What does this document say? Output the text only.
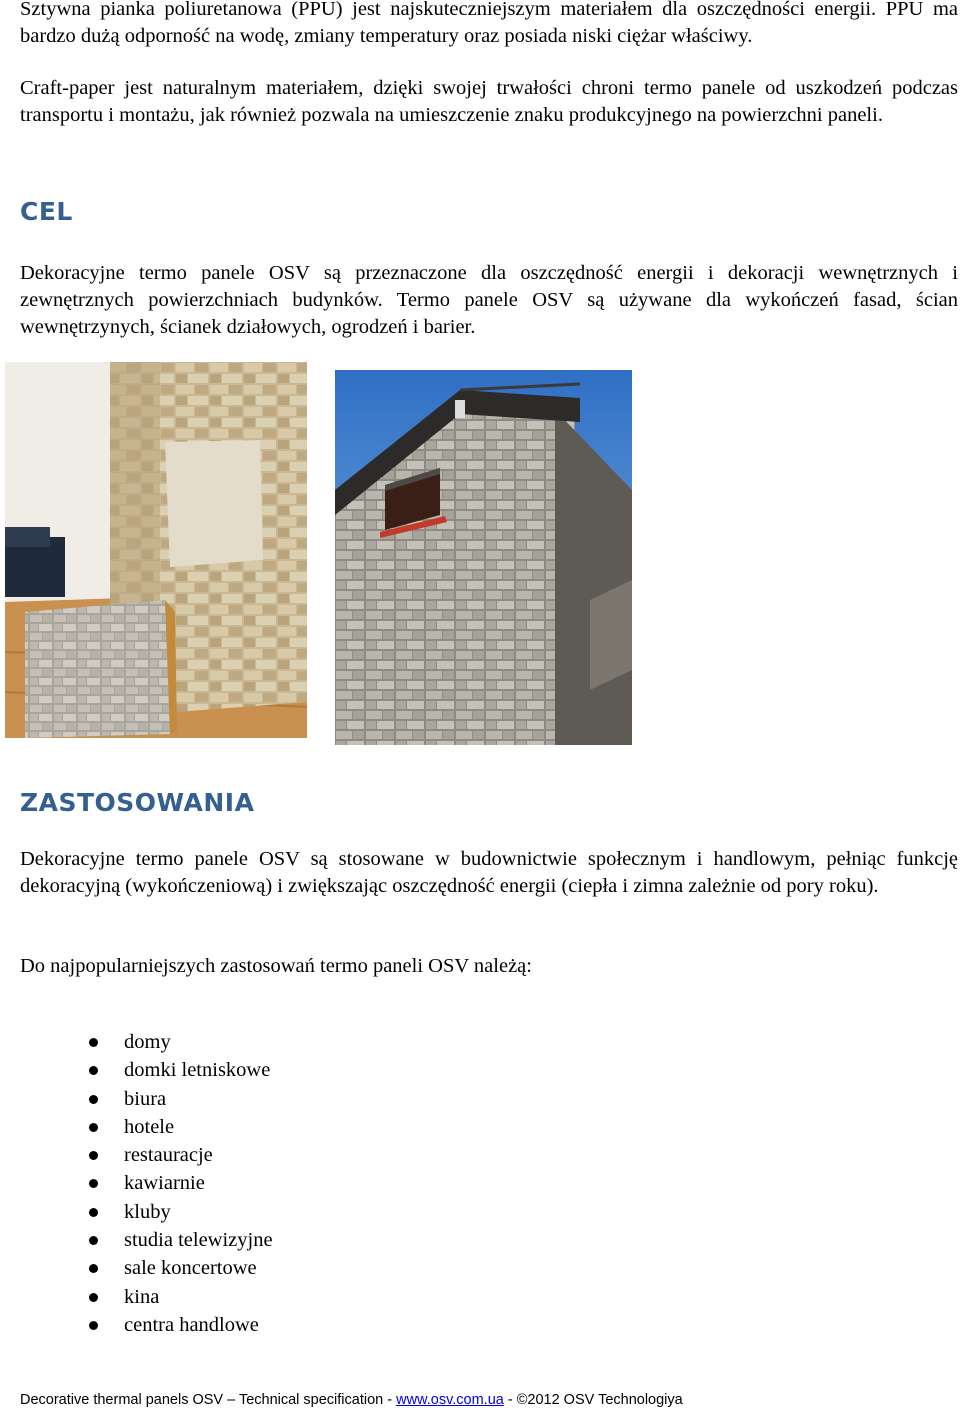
Sztywna pianka poliuretanowa (PPU) jest najskuteczniejszym materiałem dla oszczędności energii. PPU ma bardzo dużą odporność na wodę, zmiany temperatury oraz posiada niski ciężar właściwy.

Craft-paper jest naturalnym materiałem, dzięki swojej trwałości chroni termo panele od uszkodzeń podczas transportu i montażu, jak również pozwala na umieszczenie znaku produkcyjnego na powierzchni paneli.

CEL

Dekoracyjne termo panele OSV są przeznaczone dla oszczędność energii i dekoracji wewnętrznych i zewnętrznych powierzchniach budynków. Termo panele OSV są używane dla wykończeń fasad, ścian wewnętrzynych, ścianek działowych, ogrodzeń i barier.

ZASTOSOWANIA

Dekoracyjne termo panele OSV są stosowane w budownictwie społecznym i handlowym, pełniąc funkcję dekoracyjną (wykończeniową) i zwiększając oszczędność energii (ciepła i zimna zależnie od pory roku).

Do najpopularniejszych zastosowań termo paneli OSV należą:

domy
domki letniskowe
biura
hotele
restauracje
kawiarnie
kluby
studia telewizyjne
sale koncertowe
kina
centra handlowe
Decorative thermal panels OSV – Technical specification - www.osv.com.ua - ©2012 OSV Technologiya
